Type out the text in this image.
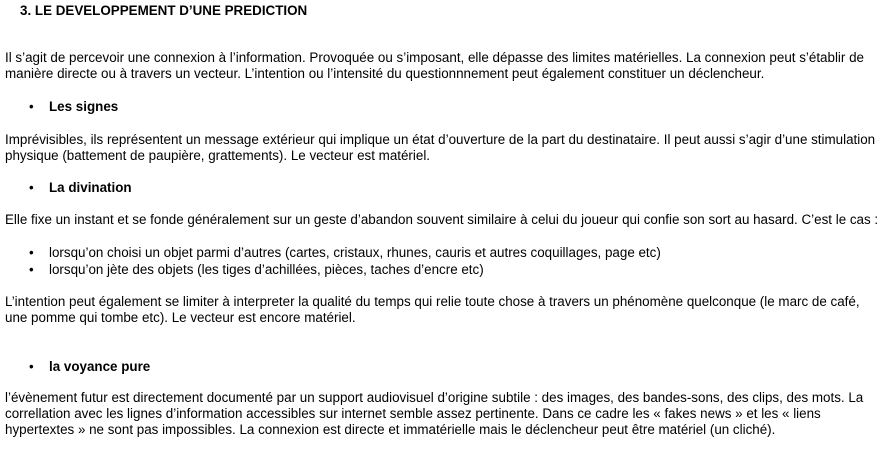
3. LE DEVELOPPEMENT D’UNE PREDICTION

Il s’agit de percevoir une connexion à l’information. Provoquée ou s’imposant, elle dépasse des limites matérielles. La connexion peut s’établir de manière directe ou à travers un vecteur. L’intention ou l’intensité du questionnnement peut également constituer un déclencheur.

• Les signes

Imprévisibles, ils représentent un message extérieur qui implique un état d’ouverture de la part du destinataire. Il peut aussi s’agir d’une stimulation physique (battement de paupière, grattements). Le vecteur est matériel.

• La divination

Elle fixe un instant et se fonde généralement sur un geste d’abandon souvent similaire à celui du joueur qui confie son sort au hasard. C’est le cas :

• lorsqu’on choisi un objet parmi d’autres (cartes, cristaux, rhunes, cauris et autres coquillages, page etc)
• lorsqu’on jète des objets (les tiges d’achillées, pièces, taches d’encre etc)

L’intention peut également se limiter à interpreter la qualité du temps qui relie toute chose à travers un phénomène quelconque (le marc de café, une pomme qui tombe etc). Le vecteur est encore matériel.

• la voyance pure

l’évènement futur est directement documenté par un support audiovisuel d’origine subtile : des images, des bandes-sons, des clips, des mots. La correllation avec les lignes d’information accessibles sur internet semble assez pertinente. Dans ce cadre les « fakes news » et les « liens hypertextes » ne sont pas impossibles. La connexion est directe et immatérielle mais le déclencheur peut être matériel (un cliché).
